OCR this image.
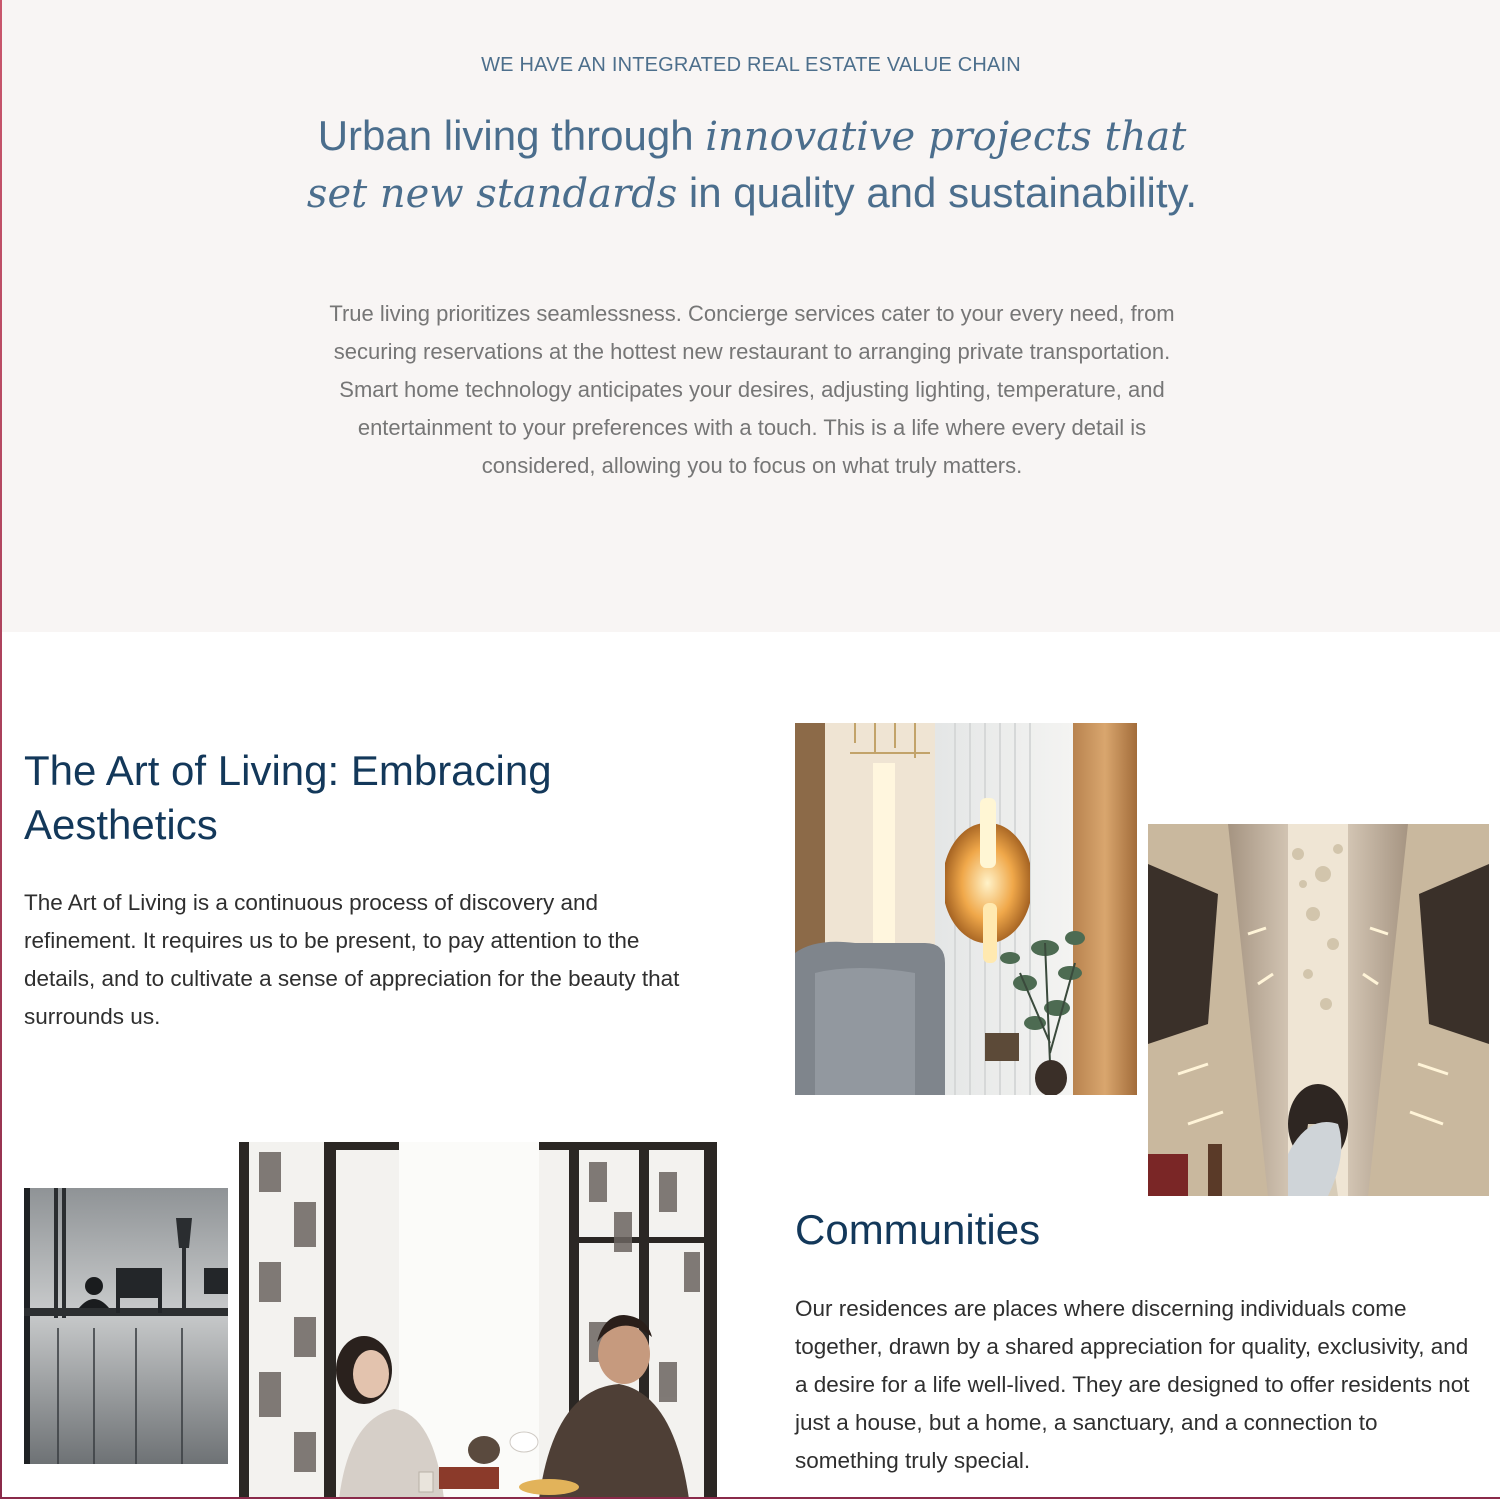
WE HAVE AN INTEGRATED REAL ESTATE VALUE CHAIN
Urban living through innovative projects that set new standards in quality and sustainability.

True living prioritizes seamlessness. Concierge services cater to your every need, from securing reservations at the hottest new restaurant to arranging private transportation. Smart home technology anticipates your desires, adjusting lighting, temperature, and entertainment to your preferences with a touch. This is a life where every detail is considered, allowing you to focus on what truly matters.

The Art of Living: Embracing Aesthetics

The Art of Living is a continuous process of discovery and refinement. It requires us to be present, to pay attention to the details, and to cultivate a sense of appreciation for the beauty that surrounds us.

Communities

Our residences are places where discerning individuals come together, drawn by a shared appreciation for quality, exclusivity, and a desire for a life well-lived. They are designed to offer residents not just a house, but a home, a sanctuary, and a connection to something truly special.
